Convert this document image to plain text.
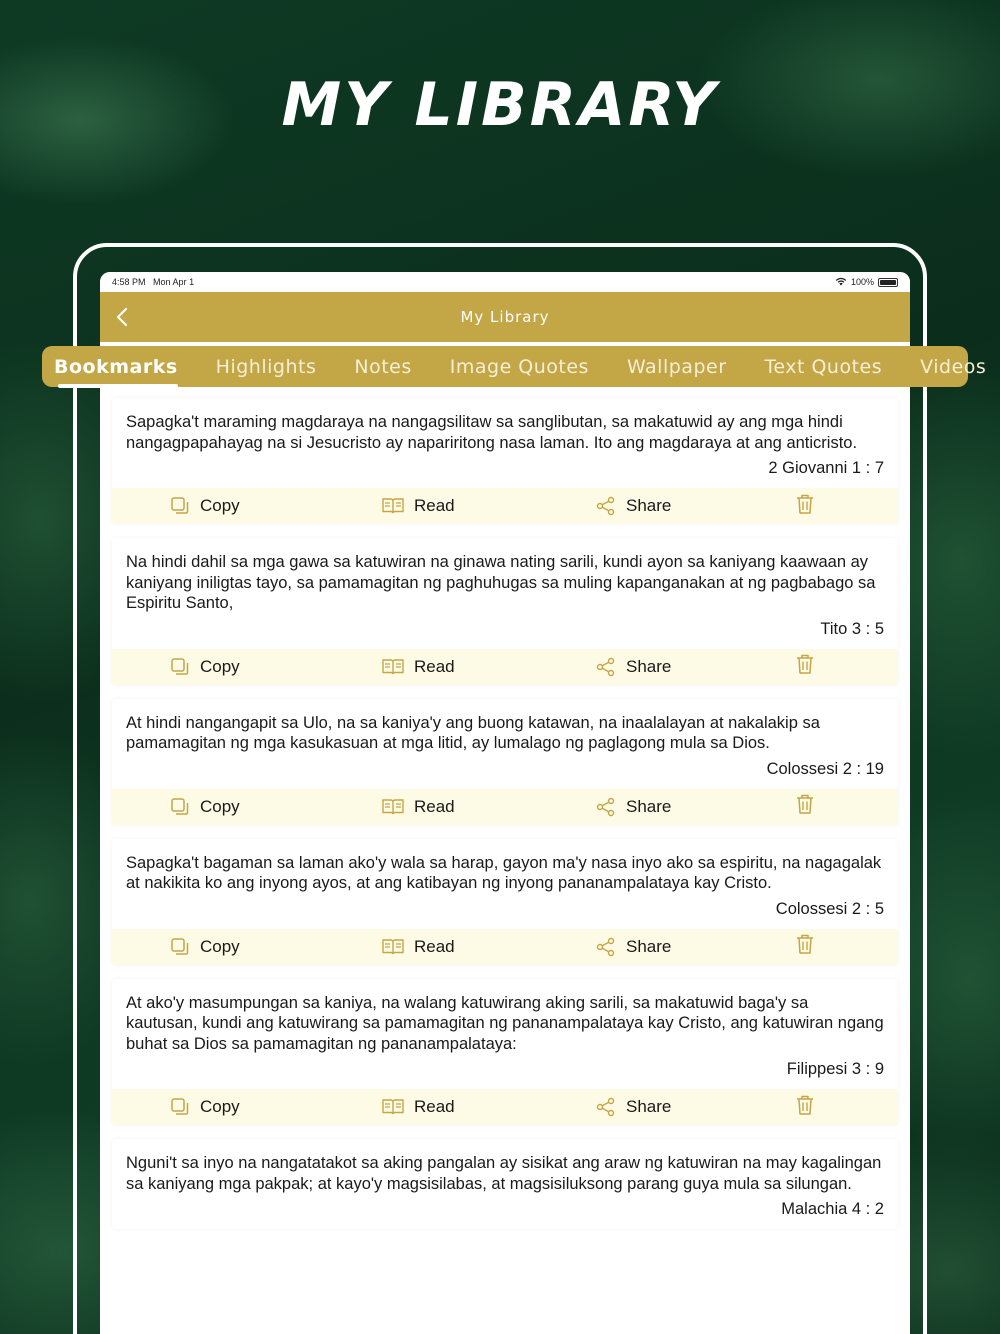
MY LIBRARY
4:58 PM Mon Apr 1	100%
My Library
Bookmarks Highlights Notes Image Quotes Wallpaper Text Quotes Videos
Sapagka't maraming magdaraya na nangagsilitaw sa sanglibutan, sa makatuwid ay ang mga hindi nangagpapahayag na si Jesucristo ay napariritong nasa laman. Ito ang magdaraya at ang anticristo.
2 Giovanni 1 : 7
Copy	Read	Share
Na hindi dahil sa mga gawa sa katuwiran na ginawa nating sarili, kundi ayon sa kaniyang kaawaan ay kaniyang iniligtas tayo, sa pamamagitan ng paghuhugas sa muling kapanganakan at ng pagbabago sa Espiritu Santo,
Tito 3 : 5
Copy	Read	Share
At hindi nangangapit sa Ulo, na sa kaniya'y ang buong katawan, na inaalalayan at nakalakip sa pamamagitan ng mga kasukasuan at mga litid, ay lumalago ng paglagong mula sa Dios.
Colossesi 2 : 19
Copy	Read	Share
Sapagka't bagaman sa laman ako'y wala sa harap, gayon ma'y nasa inyo ako sa espiritu, na nagagalak at nakikita ko ang inyong ayos, at ang katibayan ng inyong pananampalataya kay Cristo.
Colossesi 2 : 5
Copy	Read	Share
At ako'y masumpungan sa kaniya, na walang katuwirang aking sarili, sa makatuwid baga'y sa kautusan, kundi ang katuwirang sa pamamagitan ng pananampalataya kay Cristo, ang katuwiran ngang buhat sa Dios sa pamamagitan ng pananampalataya:
Filippesi 3 : 9
Copy	Read	Share
Nguni't sa inyo na nangatatakot sa aking pangalan ay sisikat ang araw ng katuwiran na may kagalingan sa kaniyang mga pakpak; at kayo'y magsisilabas, at magsisiluksong parang guya mula sa silungan.
Malachia 4 : 2
